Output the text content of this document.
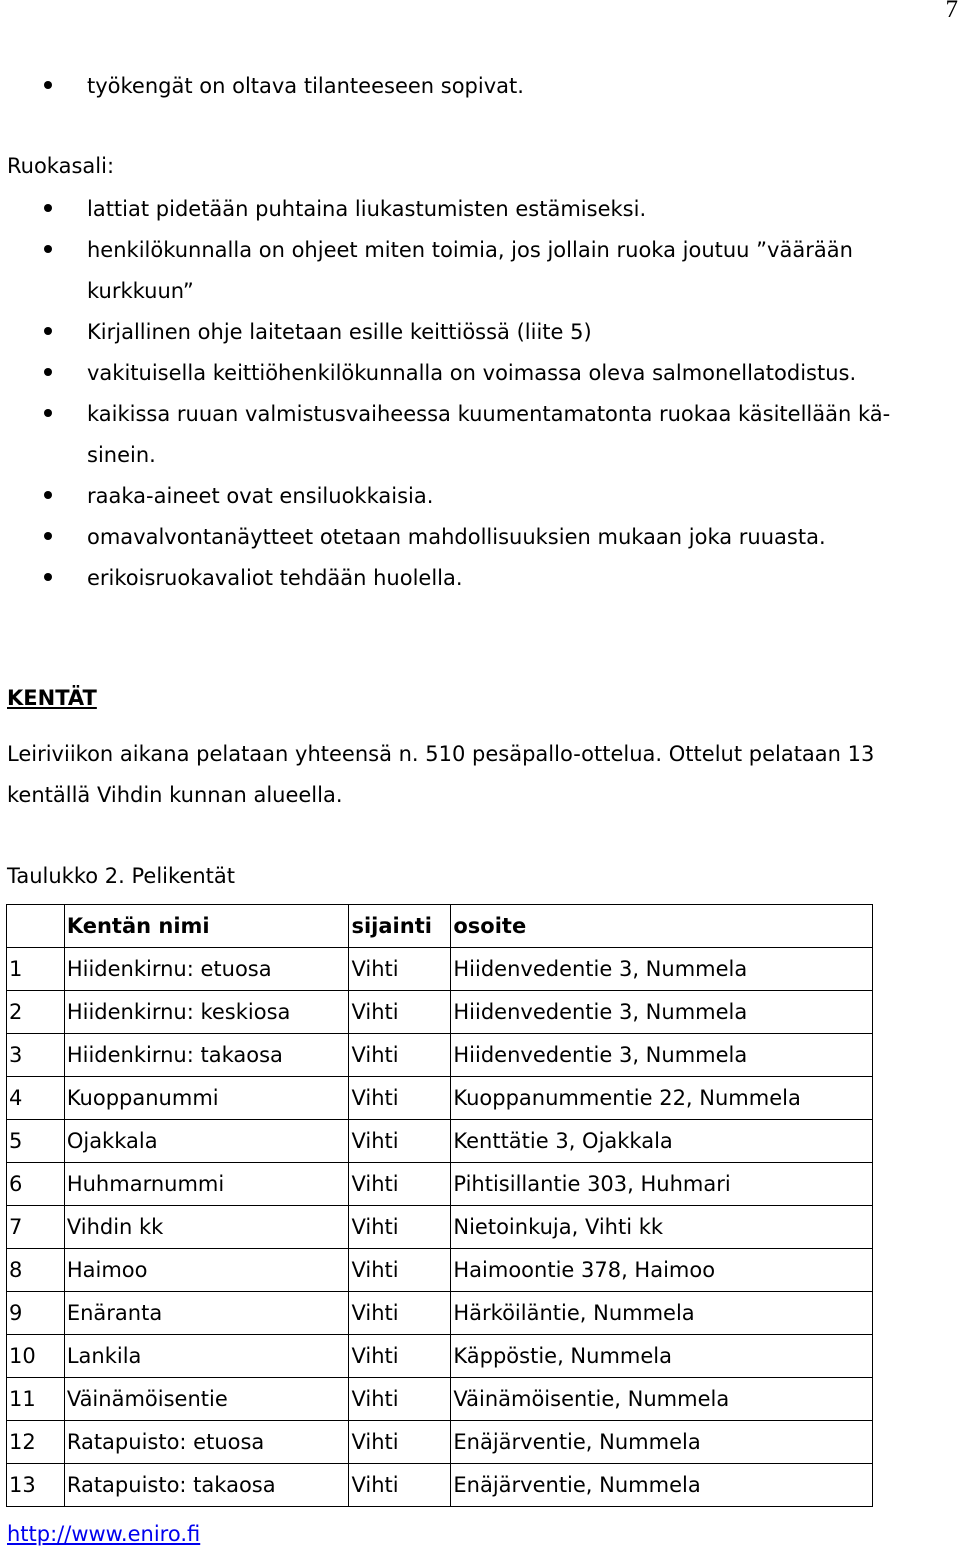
7
työkengät on oltava tilanteeseen sopivat.
Ruokasali:
lattiat pidetään puhtaina liukastumisten estämiseksi.
henkilökunnalla on ohjeet miten toimia, jos jollain ruoka joutuu ”väärään kurkkuun”
Kirjallinen ohje laitetaan esille keittiössä (liite 5)
vakituisella keittiöhenkilökunnalla on voimassa oleva salmonellatodistus.
kaikissa ruuan valmistusvaiheessa kuumentamatonta ruokaa käsitellään kä-sinein.
raaka-aineet ovat ensiluokkaisia.
omavalvontanäytteet otetaan mahdollisuuksien mukaan joka ruuasta.
erikoisruokavaliot tehdään huolella.
KENTÄT
Leiriviikon aikana pelataan yhteensä n. 510 pesäpallo-ottelua. Ottelut pelataan 13 kentällä Vihdin kunnan alueella.
Taulukko 2. Pelikentät
	Kentän nimi	sijainti	osoite
1	Hiidenkirnu: etuosa	Vihti	Hiidenvedentie 3, Nummela
2	Hiidenkirnu: keskiosa	Vihti	Hiidenvedentie 3, Nummela
3	Hiidenkirnu: takaosa	Vihti	Hiidenvedentie 3, Nummela
4	Kuoppanummi	Vihti	Kuoppanummentie 22, Nummela
5	Ojakkala	Vihti	Kenttätie 3, Ojakkala
6	Huhmarnummi	Vihti	Pihtisillantie 303, Huhmari
7	Vihdin kk	Vihti	Nietoinkuja, Vihti kk
8	Haimoo	Vihti	Haimoontie 378, Haimoo
9	Enäranta	Vihti	Härköiläntie, Nummela
10	Lankila	Vihti	Käppöstie, Nummela
11	Väinämöisentie	Vihti	Väinämöisentie, Nummela
12	Ratapuisto: etuosa	Vihti	Enäjärventie, Nummela
13	Ratapuisto: takaosa	Vihti	Enäjärventie, Nummela
http://www.eniro.fi
